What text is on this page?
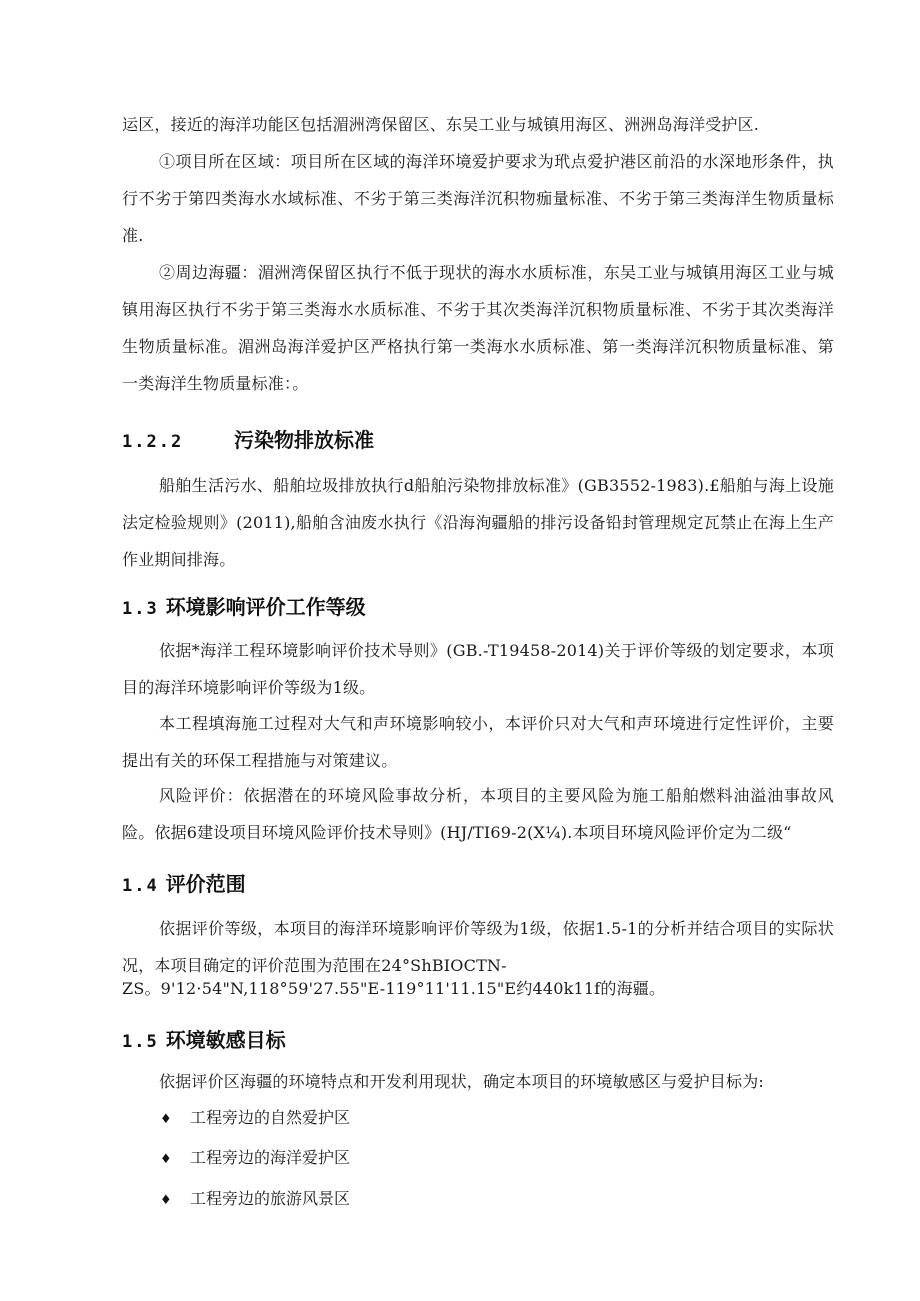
运区，接近的海洋功能区包括湄洲湾保留区、东吴工业与城镇用海区、洲洲岛海洋受护区.

①项目所在区域：项目所在区域的海洋环境爱护要求为玳点爱护港区前沿的水深地形条件，执行不劣于第四类海水水域标准、不劣于第三类海洋沉积物痂量标准、不劣于第三类海洋生物质量标准.

②周边海疆：湄洲湾保留区执行不低于现状的海水水质标准，东吴工业与城镇用海区工业与城镇用海区执行不劣于第三类海水水质标准、不劣于其次类海洋沉积物质量标准、不劣于其次类海洋生物质量标准。湄洲岛海洋爱护区严格执行第一类海水水质标准、第一类海洋沉积物质量标准、第一类海洋生物质量标准：。

1.2.2	污染物排放标准

船舶生活污水、船舶垃圾排放执行d船舶污染物排放标准》(GB3552-1983).£船舶与海上设施法定检验规则》(2011),船舶含油废水执行《沿海洵疆船的排污设备铅封管理规定瓦禁止在海上生产作业期间排海。

1.3 环境影响评价工作等级

依据*海洋工程环境影响评价技术导则》(GB.-T19458-2014)关于评价等级的划定要求，本项目的海洋环境影响评价等级为1级。

本工程填海施工过程对大气和声环境影响较小，本评价只对大气和声环境进行定性评价，主要提出有关的环保工程措施与对策建议。

风险评价：依据潜在的环境风险事故分析，本项目的主要风险为施工船舶燃料油溢油事故风险。依据6建设项目环境风险评价技术导则》(HJ∕TI69-2(X¼).本项目环境风险评价定为二级“

1.4 评价范围

依据评价等级，本项目的海洋环境影响评价等级为1级，依据1.5-1的分析并结合项目的实际状况，本项目确定的评价范围为范围在24°ShBIOCTN-

ZS。9'12·54"N,118°59'27.55"E-119°11'11.15"E约440k11f的海疆。

1.5 环境敏感目标

依据评价区海疆的环境特点和开发利用现状，确定本项目的环境敏感区与爱护目标为:

♦ 工程旁边的自然爱护区
♦ 工程旁边的海洋爱护区
♦ 工程旁边的旅游风景区
